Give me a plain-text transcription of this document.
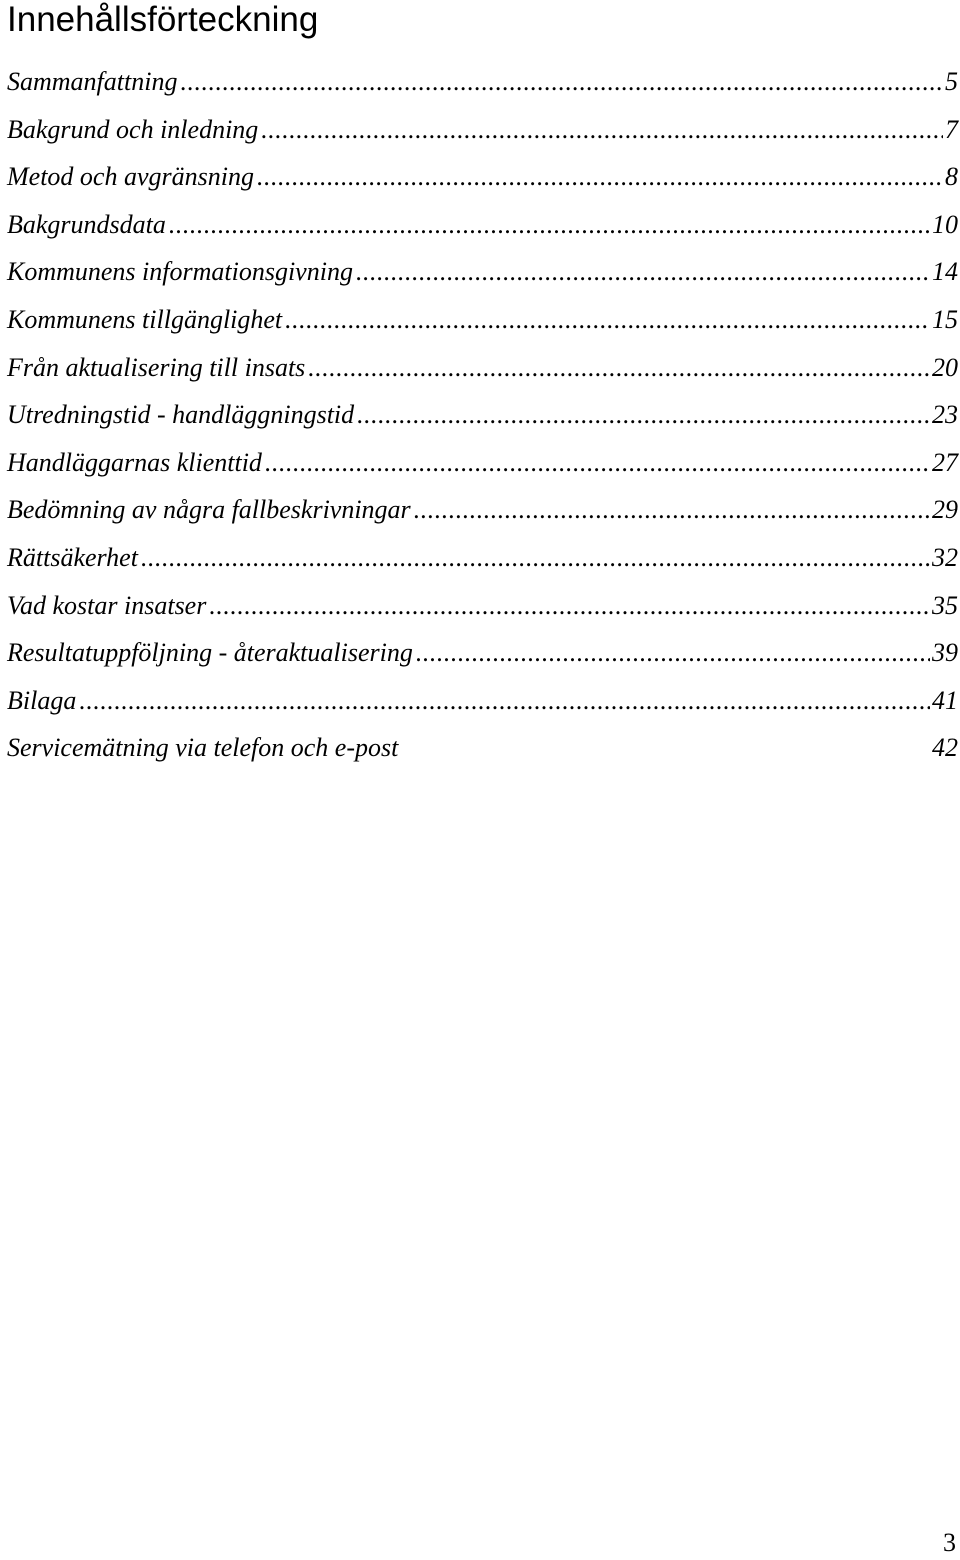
Innehållsförteckning
Sammanfattning .....	5
Bakgrund och inledning .....	7
Metod och avgränsning .....	8
Bakgrundsdata .....	10
Kommunens informationsgivning .....	14
Kommunens tillgänglighet .....	15
Från aktualisering till insats .....	20
Utredningstid - handläggningstid .....	23
Handläggarnas klienttid .....	27
Bedömning av några fallbeskrivningar .....	29
Rättsäkerhet .....	32
Vad kostar insatser .....	35
Resultatuppföljning - återaktualisering .....	39
Bilaga .....	41
Servicemätning via telefon och e-post	42
3
